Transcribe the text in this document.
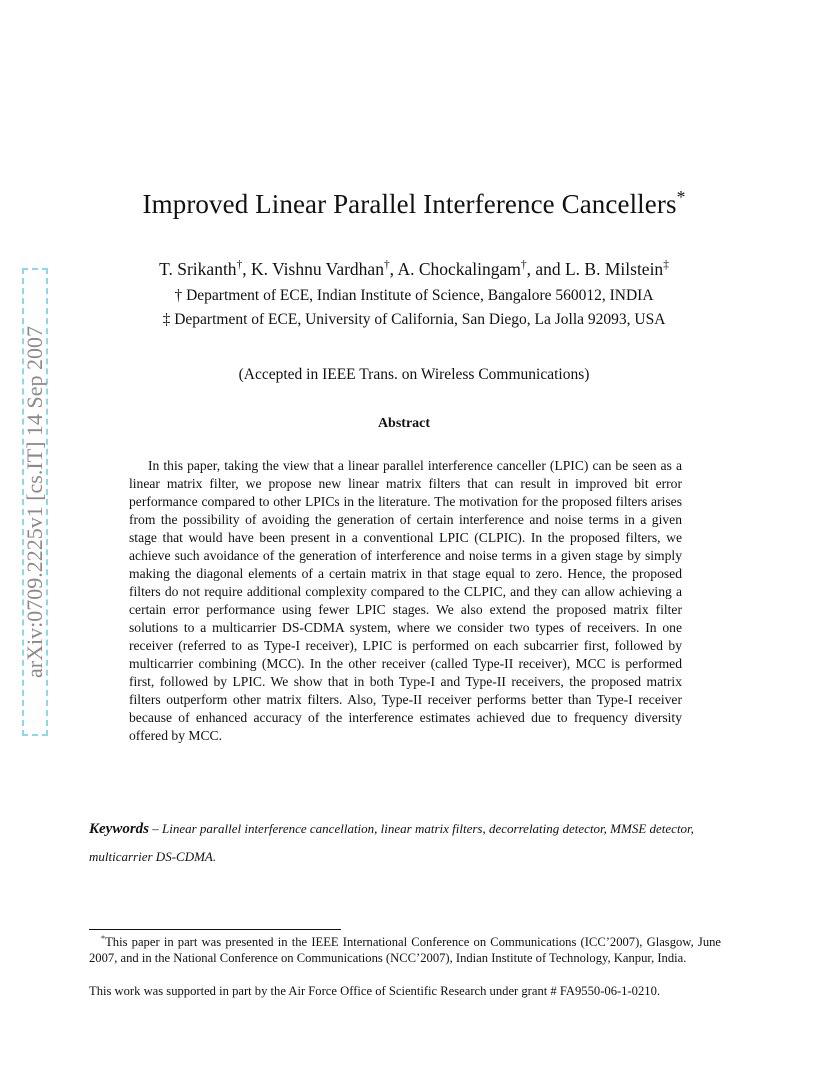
Improved Linear Parallel Interference Cancellers*
T. Srikanth†, K. Vishnu Vardhan†, A. Chockalingam†, and L. B. Milstein‡
† Department of ECE, Indian Institute of Science, Bangalore 560012, INDIA
‡ Department of ECE, University of California, San Diego, La Jolla 92093, USA
(Accepted in IEEE Trans. on Wireless Communications)
Abstract

In this paper, taking the view that a linear parallel interference canceller (LPIC) can be seen as a linear matrix filter, we propose new linear matrix filters that can result in improved bit error performance compared to other LPICs in the literature. The motivation for the proposed filters arises from the possibility of avoiding the generation of certain interference and noise terms in a given stage that would have been present in a conventional LPIC (CLPIC). In the proposed filters, we achieve such avoidance of the generation of interference and noise terms in a given stage by simply making the diagonal elements of a certain matrix in that stage equal to zero. Hence, the proposed filters do not require additional complexity compared to the CLPIC, and they can allow achieving a certain error performance using fewer LPIC stages. We also extend the proposed matrix filter solutions to a multicarrier DS-CDMA system, where we consider two types of receivers. In one receiver (referred to as Type-I receiver), LPIC is performed on each subcarrier first, followed by multicarrier combining (MCC). In the other receiver (called Type-II receiver), MCC is performed first, followed by LPIC. We show that in both Type-I and Type-II receivers, the proposed matrix filters outperform other matrix filters. Also, Type-II receiver performs better than Type-I receiver because of enhanced accuracy of the interference estimates achieved due to frequency diversity offered by MCC.

Keywords – Linear parallel interference cancellation, linear matrix filters, decorrelating detector, MMSE detector, multicarrier DS-CDMA.

*This paper in part was presented in the IEEE International Conference on Communications (ICC’2007), Glasgow, June 2007, and in the National Conference on Communications (NCC’2007), Indian Institute of Technology, Kanpur, India.

This work was supported in part by the Air Force Office of Scientific Research under grant # FA9550-06-1-0210.

arXiv:0709.2225v1 [cs.IT] 14 Sep 2007
